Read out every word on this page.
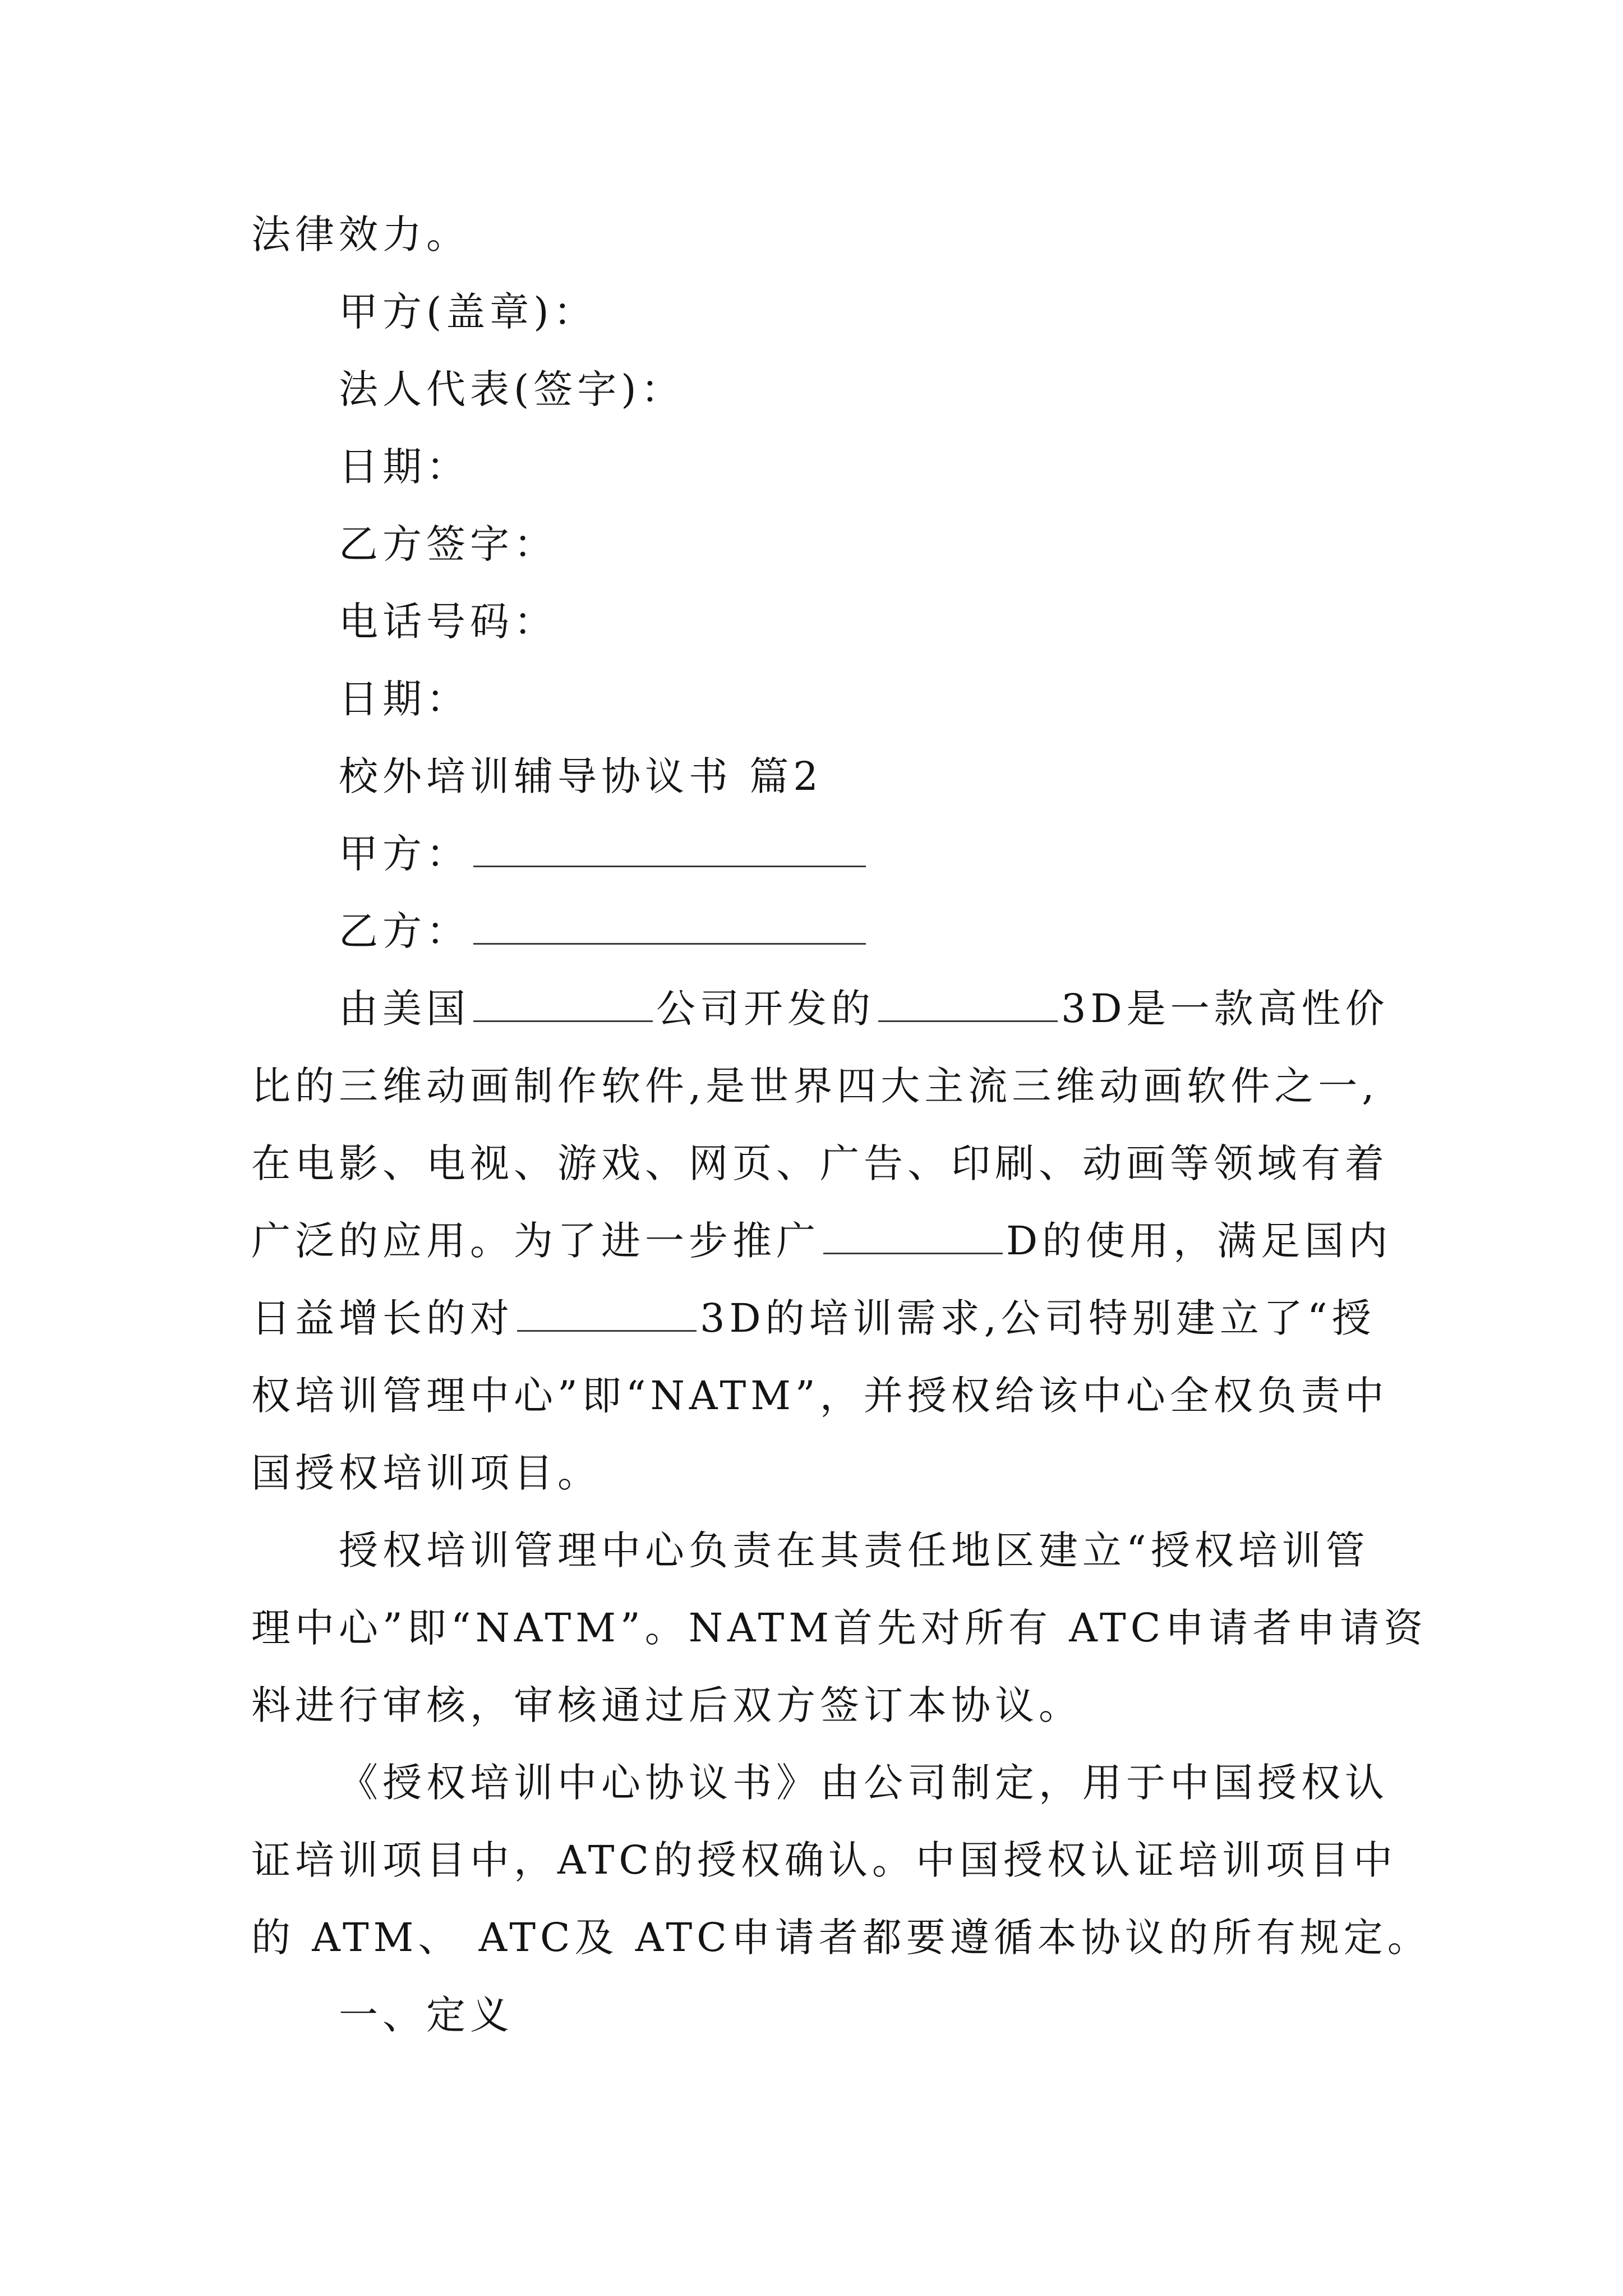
法律效力。
甲方(盖章)：
法人代表(签字)：
日期：
乙方签字：
电话号码：
日期：
校外培训辅导协议书 篇2
甲方：
乙方：
由美国	公司开发的	3D是一款高性价
比的三维动画制作软件,是世界四大主流三维动画软件之一,
在电影、电视、游戏、网页、广告、印刷、动画等领域有着
广泛的应用。为了进一步推广	D的使用，满足国内
日益增长的对	3D的培训需求,公司特别建立了“授
权培训管理中心”即“NATM”，并授权给该中心全权负责中
国授权培训项目。
授权培训管理中心负责在其责任地区建立“授权培训管
理中心”即“NATM”。NATM首先对所有 ATC申请者申请资
料进行审核，审核通过后双方签订本协议。
《授权培训中心协议书》由公司制定，用于中国授权认
证培训项目中，ATC的授权确认。中国授权认证培训项目中
的 ATM、 ATC及 ATC申请者都要遵循本协议的所有规定。
一、定义
